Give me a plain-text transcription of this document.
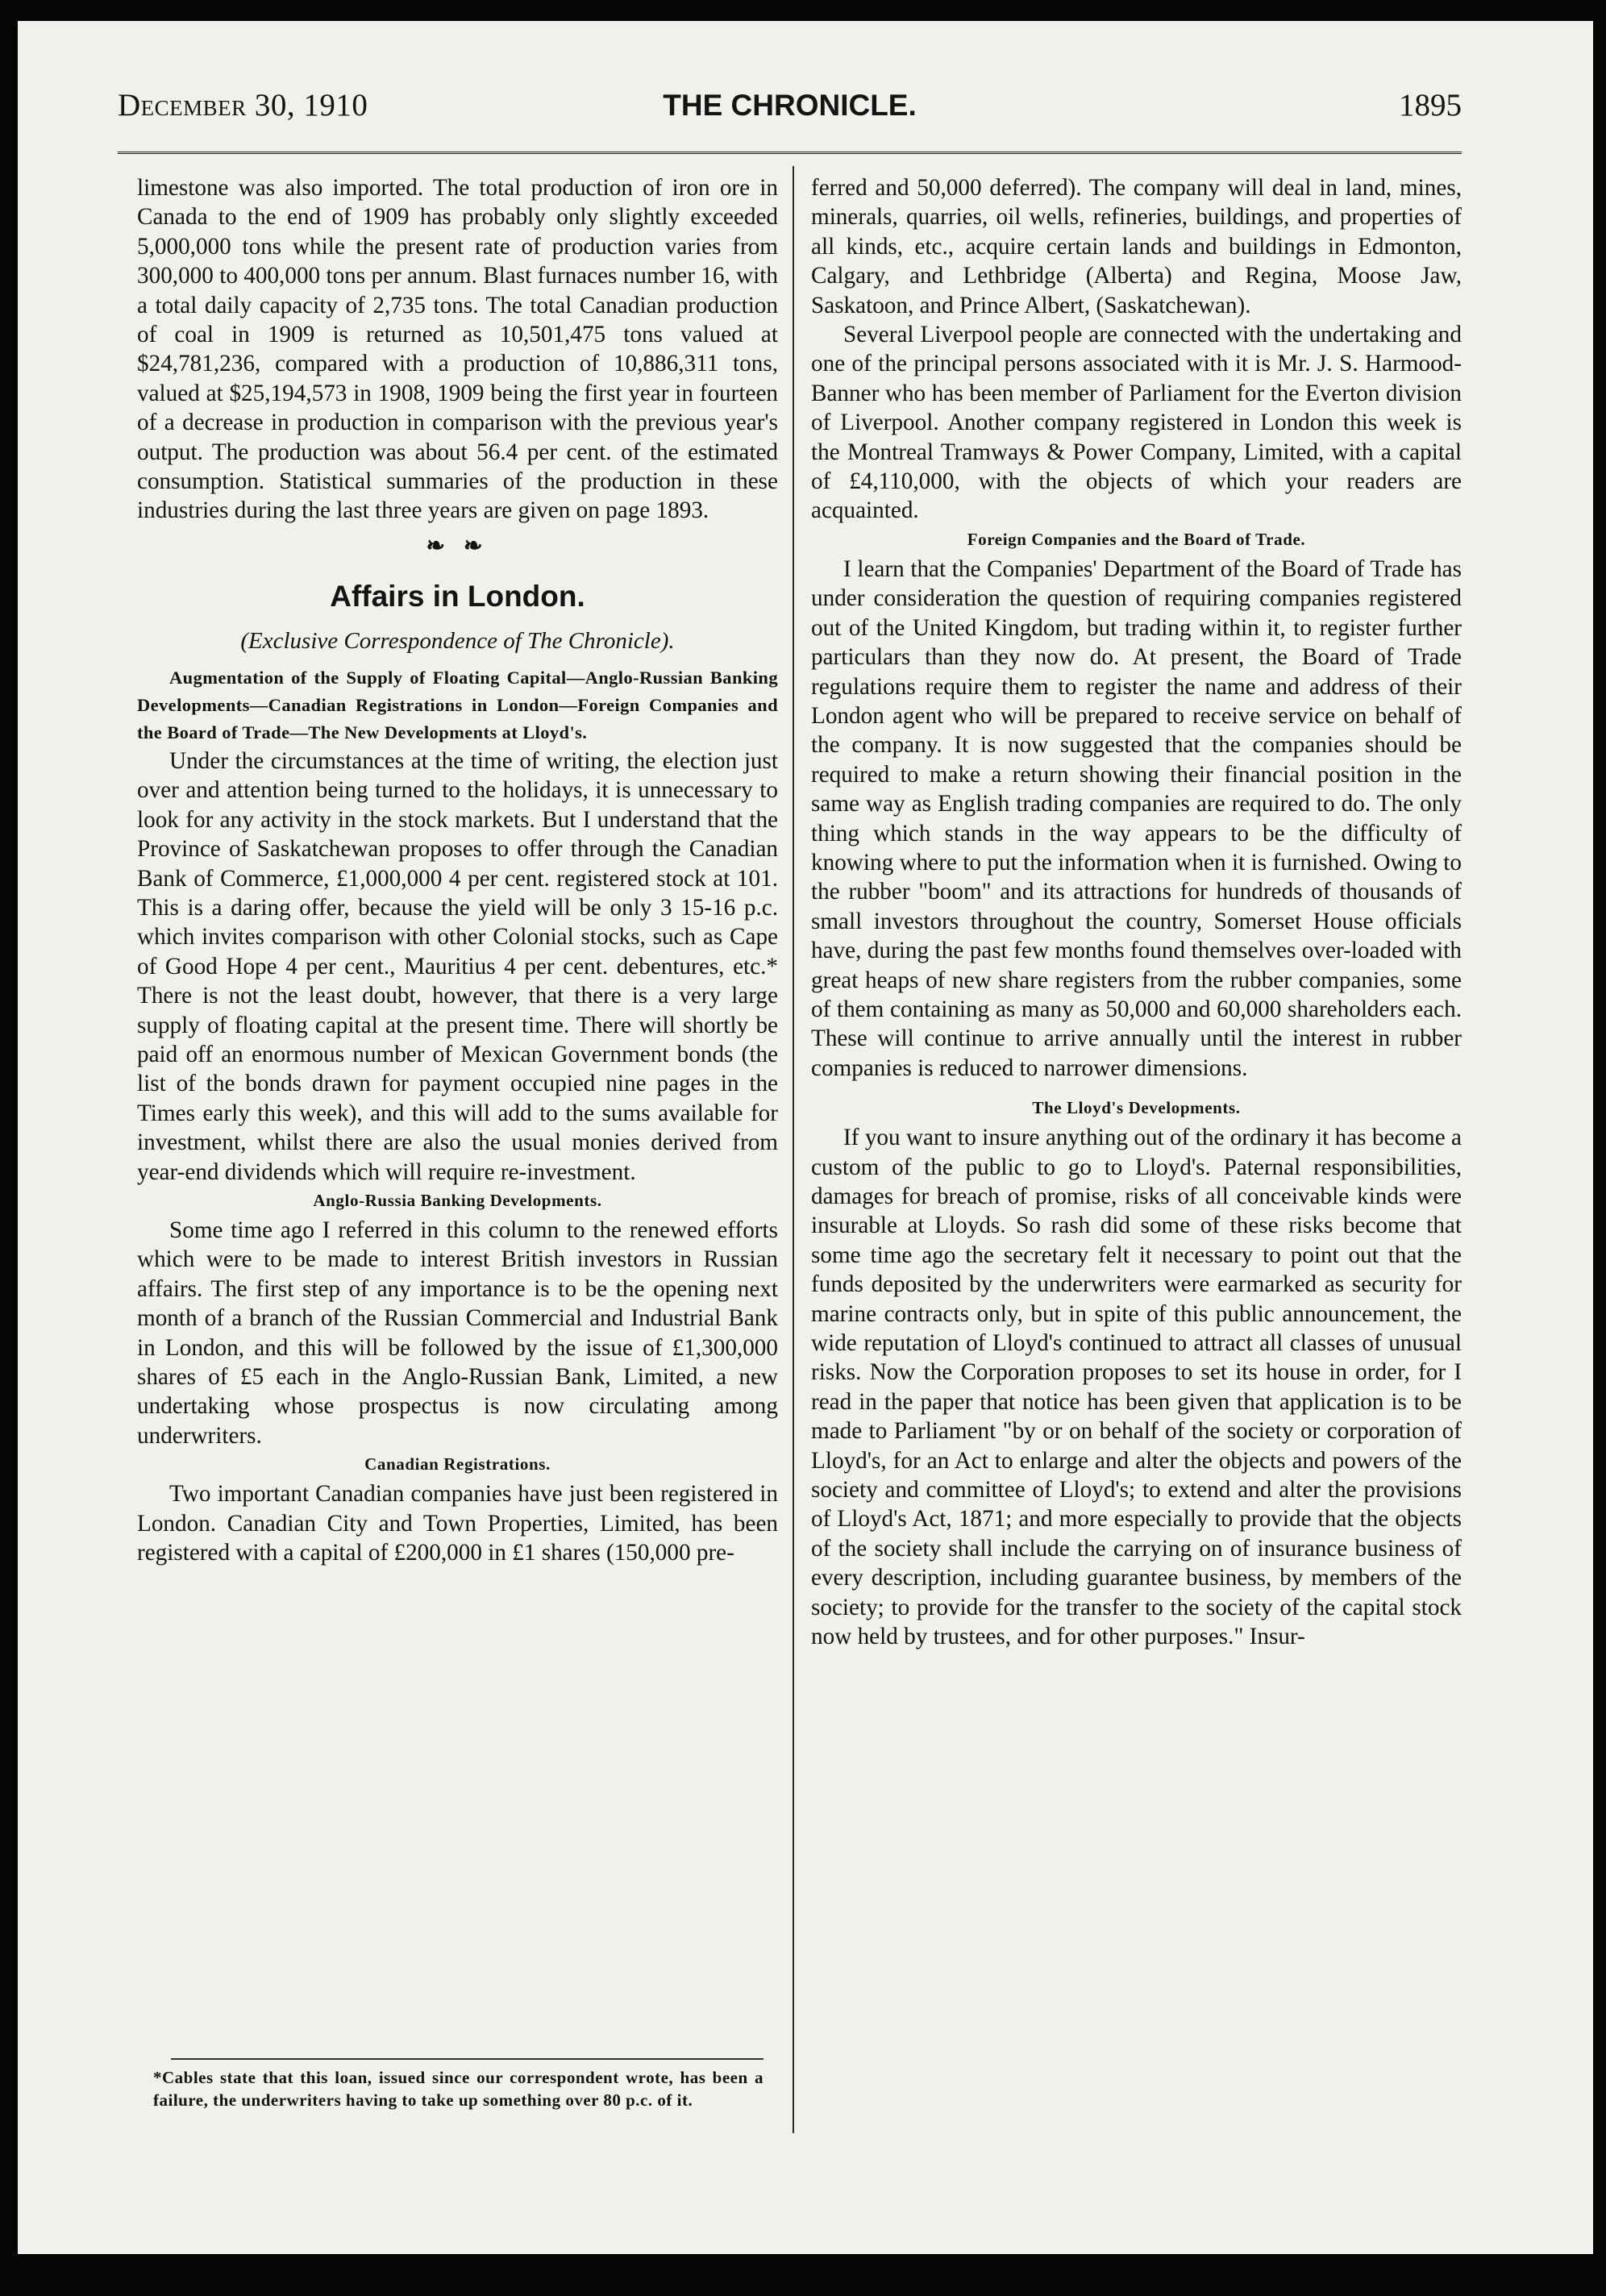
December 30, 1910	THE CHRONICLE.	1895

limestone was also imported. The total production of iron ore in Canada to the end of 1909 has probably only slightly exceeded 5,000,000 tons while the present rate of production varies from 300,000 to 400,000 tons per annum. Blast furnaces number 16, with a total daily capacity of 2,735 tons. The total Canadian production of coal in 1909 is returned as 10,501,475 tons valued at $24,781,236, compared with a production of 10,886,311 tons, valued at $25,194,573 in 1908, 1909 being the first year in fourteen of a decrease in production in comparison with the previous year's output. The production was about 56.4 per cent. of the estimated consumption. Statistical summaries of the production in these industries during the last three years are given on page 1893.

❧ ❧
Affairs in London.
(Exclusive Correspondence of The Chronicle).

Augmentation of the Supply of Floating Capital—Anglo-Russian Banking Developments—Canadian Registrations in London—Foreign Companies and the Board of Trade—The New Developments at Lloyd's.

Under the circumstances at the time of writing, the election just over and attention being turned to the holidays, it is unnecessary to look for any activity in the stock markets. But I understand that the Province of Saskatchewan proposes to offer through the Canadian Bank of Commerce, £1,000,000 4 per cent. registered stock at 101. This is a daring offer, because the yield will be only 3 15-16 p.c. which invites comparison with other Colonial stocks, such as Cape of Good Hope 4 per cent., Mauritius 4 per cent. debentures, etc.* There is not the least doubt, however, that there is a very large supply of floating capital at the present time. There will shortly be paid off an enormous number of Mexican Government bonds (the list of the bonds drawn for payment occupied nine pages in the Times early this week), and this will add to the sums available for investment, whilst there are also the usual monies derived from year-end dividends which will require re-investment.

Anglo-Russia Banking Developments.

Some time ago I referred in this column to the renewed efforts which were to be made to interest British investors in Russian affairs. The first step of any importance is to be the opening next month of a branch of the Russian Commercial and Industrial Bank in London, and this will be followed by the issue of £1,300,000 shares of £5 each in the Anglo-Russian Bank, Limited, a new undertaking whose prospectus is now circulating among underwriters.

Canadian Registrations.

Two important Canadian companies have just been registered in London. Canadian City and Town Properties, Limited, has been registered with a capital of £200,000 in £1 shares (150,000 pre-

*Cables state that this loan, issued since our correspondent wrote, has been a failure, the underwriters having to take up something over 80 p.c. of it.

ferred and 50,000 deferred). The company will deal in land, mines, minerals, quarries, oil wells, refineries, buildings, and properties of all kinds, etc., acquire certain lands and buildings in Edmonton, Calgary, and Lethbridge (Alberta) and Regina, Moose Jaw, Saskatoon, and Prince Albert, (Saskatchewan).

Several Liverpool people are connected with the undertaking and one of the principal persons associated with it is Mr. J. S. Harmood-Banner who has been member of Parliament for the Everton division of Liverpool. Another company registered in London this week is the Montreal Tramways & Power Company, Limited, with a capital of £4,110,000, with the objects of which your readers are acquainted.

Foreign Companies and the Board of Trade.

I learn that the Companies' Department of the Board of Trade has under consideration the question of requiring companies registered out of the United Kingdom, but trading within it, to register further particulars than they now do. At present, the Board of Trade regulations require them to register the name and address of their London agent who will be prepared to receive service on behalf of the company. It is now suggested that the companies should be required to make a return showing their financial position in the same way as English trading companies are required to do. The only thing which stands in the way appears to be the difficulty of knowing where to put the information when it is furnished. Owing to the rubber "boom" and its attractions for hundreds of thousands of small investors throughout the country, Somerset House officials have, during the past few months found themselves over-loaded with great heaps of new share registers from the rubber companies, some of them containing as many as 50,000 and 60,000 shareholders each. These will continue to arrive annually until the interest in rubber companies is reduced to narrower dimensions.

The Lloyd's Developments.

If you want to insure anything out of the ordinary it has become a custom of the public to go to Lloyd's. Paternal responsibilities, damages for breach of promise, risks of all conceivable kinds were insurable at Lloyds. So rash did some of these risks become that some time ago the secretary felt it necessary to point out that the funds deposited by the underwriters were earmarked as security for marine contracts only, but in spite of this public announcement, the wide reputation of Lloyd's continued to attract all classes of unusual risks. Now the Corporation proposes to set its house in order, for I read in the paper that notice has been given that application is to be made to Parliament "by or on behalf of the society or corporation of Lloyd's, for an Act to enlarge and alter the objects and powers of the society and committee of Lloyd's; to extend and alter the provisions of Lloyd's Act, 1871; and more especially to provide that the objects of the society shall include the carrying on of insurance business of every description, including guarantee business, by members of the society; to provide for the transfer to the society of the capital stock now held by trustees, and for other purposes." Insur-
